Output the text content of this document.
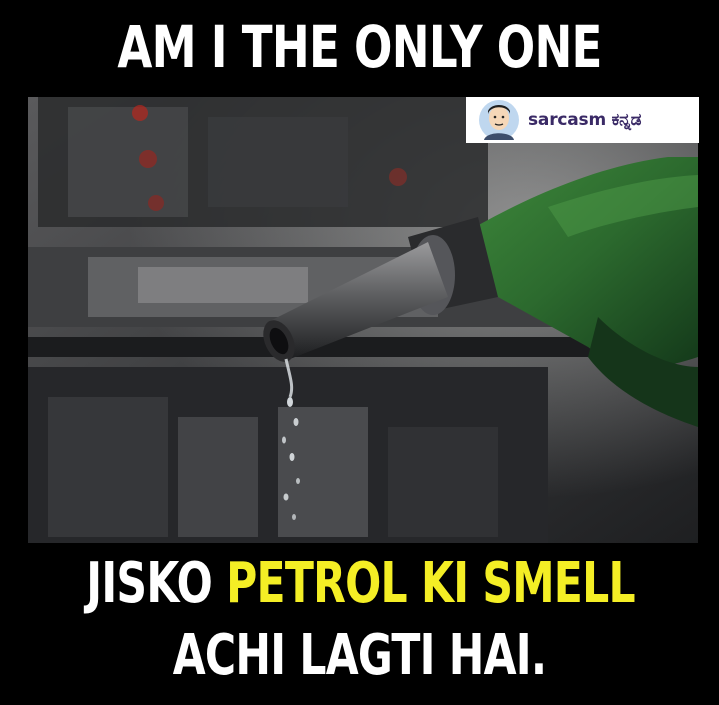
AM I THE ONLY ONE
sarcasm ಕನ್ನಡ
JISKO PETROL KI SMELL
ACHI LAGTI HAI.
